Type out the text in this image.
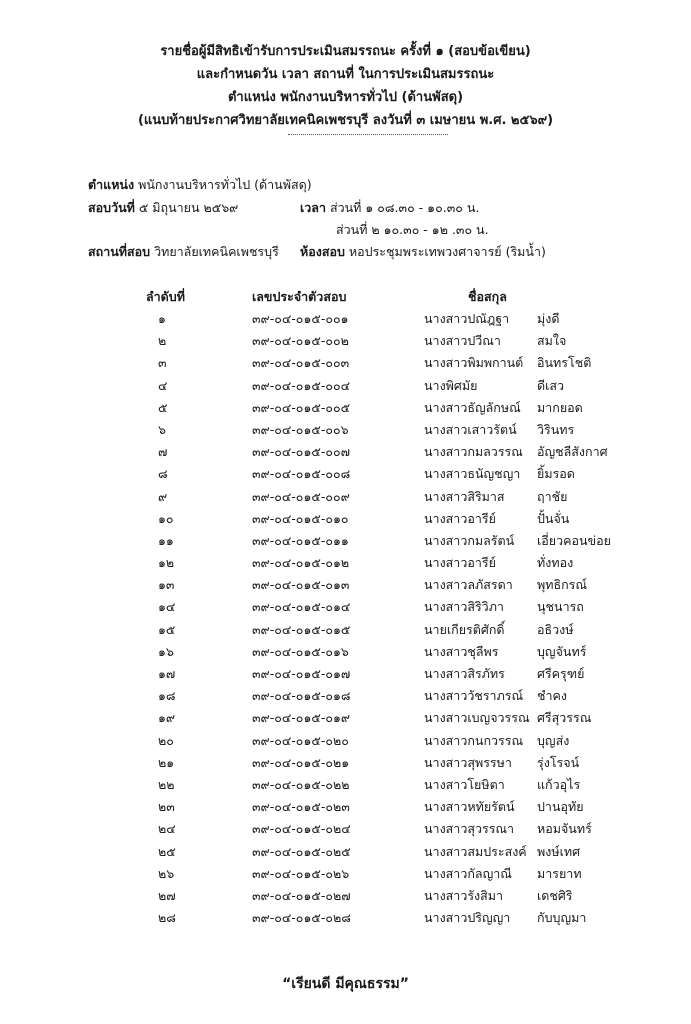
รายชื่อผู้มีสิทธิเข้ารับการประเมินสมรรถนะ ครั้งที่ ๑ (สอบข้อเขียน)
และกำหนดวัน เวลา สถานที่ ในการประเมินสมรรถนะ
ตำแหน่ง พนักงานบริหารทั่วไป (ด้านพัสดุ)
(แนบท้ายประกาศวิทยาลัยเทคนิคเพชรบุรี ลงวันที่ ๓ เมษายน พ.ศ. ๒๕๖๙)
ตำแหน่ง พนักงานบริหารทั่วไป (ด้านพัสดุ)
สอบวันที่ ๕ มิถุนายน ๒๕๖๙	เวลา ส่วนที่ ๑ ๐๘.๓๐ - ๑๐.๓๐ น.
ส่วนที่ ๒ ๑๐.๓๐ - ๑๒ .๓๐ น.
สถานที่สอบ วิทยาลัยเทคนิคเพชรบุรี ห้องสอบ หอประชุมพระเทพวงศาจารย์ (ริมน้ำ)
ลำดับที่	เลขประจำตัวสอบ	ชื่อสกุล
๑	๓๙-๐๔-๐๑๕-๐๐๑	นางสาวปณัฎฐา มุ่งดี
๒	๓๙-๐๔-๐๑๕-๐๐๒	นางสาวปวีณา	สมใจ
๓	๓๙-๐๔-๐๑๕-๐๐๓	นางสาวพิมพกานต์ อินทรโชติ
๔	๓๙-๐๔-๐๑๕-๐๐๔	นางพิศมัย	ดีเสว
๕	๓๙-๐๔-๐๑๕-๐๐๕	นางสาวธัญลักษณ์ มากยอด
๖	๓๙-๐๔-๐๑๕-๐๐๖	นางสาวเสาวรัตน์ วิรินทร
๗	๓๙-๐๔-๐๑๕-๐๐๗	นางสาวกมลวรรณ อัญชลีสังกาศ
๘	๓๙-๐๔-๐๑๕-๐๐๘	นางสาวธนัญชญา ยิ้มรอด
๙	๓๙-๐๔-๐๑๕-๐๐๙	นางสาวสิริมาส	ฤาชัย
๑๐	๓๙-๐๔-๐๑๕-๐๑๐	นางสาวอารีย์	ปั้นจั่น
๑๑	๓๙-๐๔-๐๑๕-๐๑๑	นางสาวกมลรัตน์ เอี่ยวคอนข่อย
๑๒	๓๙-๐๔-๐๑๕-๐๑๒	นางสาวอารีย์	ทั่งทอง
๑๓	๓๙-๐๔-๐๑๕-๐๑๓	นางสาวลภัสรดา พุทธิกรณ์
๑๔	๓๙-๐๔-๐๑๕-๐๑๔	นางสาวสิริวิภา	นุชนารถ
๑๕	๓๙-๐๔-๐๑๕-๐๑๕	นายเกียรติศักดิ์	อธิวงษ์
๑๖	๓๙-๐๔-๐๑๕-๐๑๖	นางสาวชุลีพร	บุญจันทร์
๑๗	๓๙-๐๔-๐๑๕-๐๑๗	นางสาวสิรภัทร	ศรีครุฑย์
๑๘	๓๙-๐๔-๐๑๕-๐๑๘	นางสาววัชราภรณ์ ชำคง
๑๙	๓๙-๐๔-๐๑๕-๐๑๙	นางสาวเบญจวรรณ ศรีสุวรรณ
๒๐	๓๙-๐๔-๐๑๕-๐๒๐	นางสาวกนกวรรณ บุญส่ง
๒๑	๓๙-๐๔-๐๑๕-๐๒๑	นางสาวสุพรรษา รุ่งโรจน์
๒๒	๓๙-๐๔-๐๑๕-๐๒๒	นางสาวโยษิตา	แก้วอุไร
๒๓	๓๙-๐๔-๐๑๕-๐๒๓	นางสาวหทัยรัตน์ ปานอุทัย
๒๔	๓๙-๐๔-๐๑๕-๐๒๔	นางสาวสุวรรณา หอมจันทร์
๒๕	๓๙-๐๔-๐๑๕-๐๒๕	นางสาวสมประสงค์ พงษ์เทศ
๒๖	๓๙-๐๔-๐๑๕-๐๒๖	นางสาวกัลญาณี มารยาท
๒๗	๓๙-๐๔-๐๑๕-๐๒๗	นางสาวรังสิมา	เดชศิริ
๒๘	๓๙-๐๔-๐๑๕-๐๒๘	นางสาวปริญญา กับบุญมา
“เรียนดี มีคุณธรรม”
